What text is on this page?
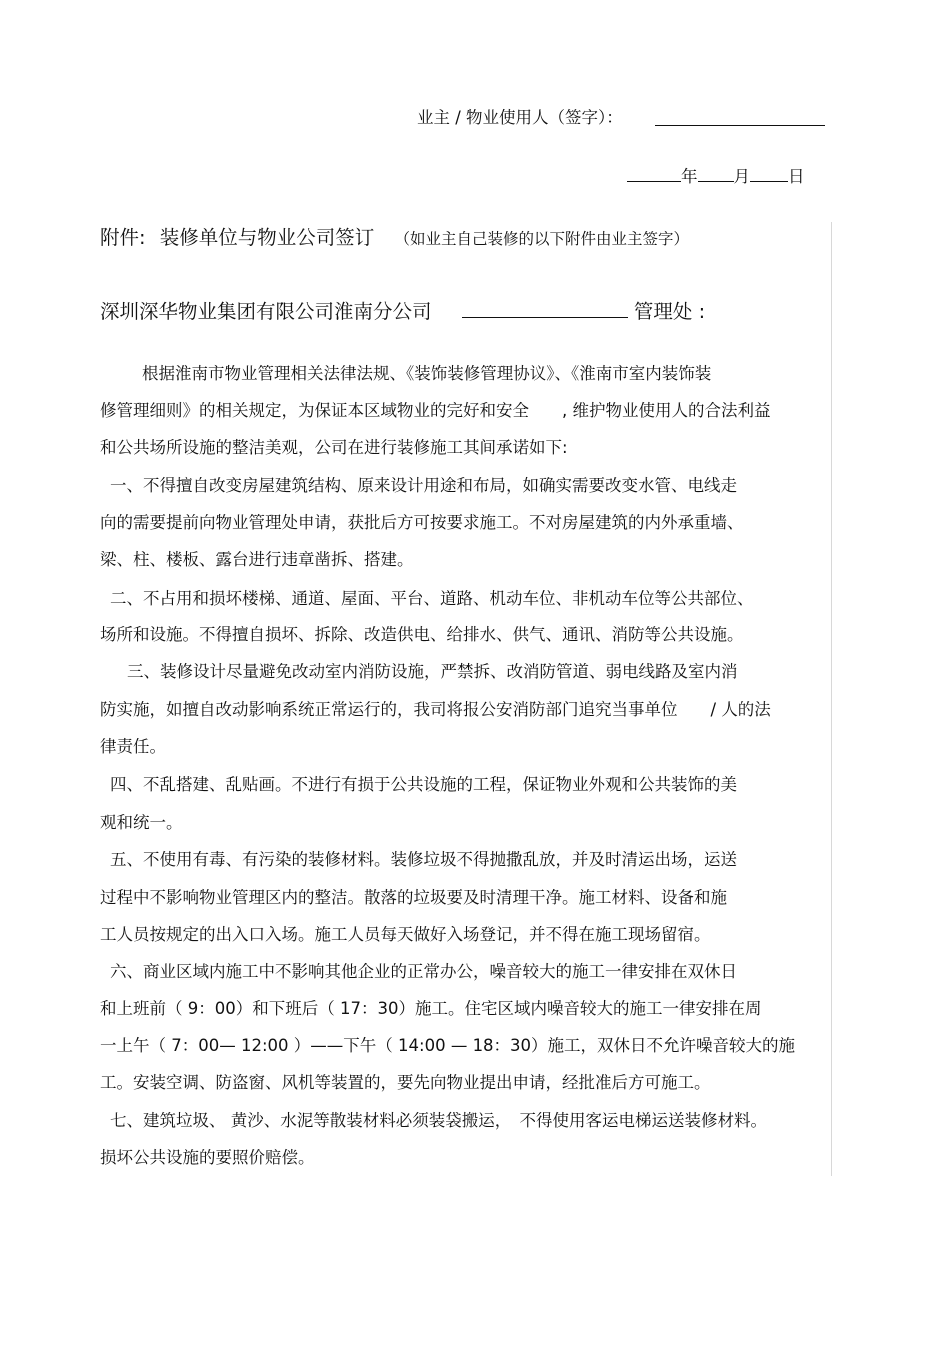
业主 / 物业使用人（签字）：
年 月 日
附件: 装修单位与物业公司签订 （如业主自己装修的以下附件由业主签字）
深圳深华物业集团有限公司淮南分公司	管理处 :
根据淮南市物业管理相关法律法规、《装饰装修管理协议》、《淮南市室内装饰装
修管理细则》的相关规定，为保证本区域物业的完好和安全　　, 维护物业使用人的合法利益
和公共场所设施的整洁美观，公司在进行装修施工其间承诺如下:
一、不得擅自改变房屋建筑结构、原来设计用途和布局，如确实需要改变水管、电线走
向的需要提前向物业管理处申请，获批后方可按要求施工。不对房屋建筑的内外承重墙、
梁、柱、楼板、露台进行违章凿拆、搭建。
二、不占用和损坏楼梯、通道、屋面、平台、道路、机动车位、非机动车位等公共部位、
场所和设施。不得擅自损坏、拆除、改造供电、给排水、供气、通讯、消防等公共设施。
三、装修设计尽量避免改动室内消防设施，严禁拆、改消防管道、弱电线路及室内消
防实施，如擅自改动影响系统正常运行的，我司将报公安消防部门追究当事单位　　/ 人的法
律责任。
四、不乱搭建、乱贴画。不进行有损于公共设施的工程，保证物业外观和公共装饰的美
观和统一。
五、不使用有毒、有污染的装修材料。装修垃圾不得抛撒乱放，并及时清运出场，运送
过程中不影响物业管理区内的整洁。散落的垃圾要及时清理干净。施工材料、设备和施
工人员按规定的出入口入场。施工人员每天做好入场登记，并不得在施工现场留宿。
六、商业区域内施工中不影响其他企业的正常办公，噪音较大的施工一律安排在双休日
和上班前（ 9：00）和下班后（ 17：30）施工。住宅区域内噪音较大的施工一律安排在周
一上午（ 7：00— 12:00 ）——下午（ 14:00 — 18：30）施工，双休日不允许噪音较大的施
工。安装空调、防盗窗、风机等装置的，要先向物业提出申请，经批准后方可施工。
七、建筑垃圾、 黄沙、水泥等散装材料必须装袋搬运，　不得使用客运电梯运送装修材料。
损坏公共设施的要照价赔偿。
